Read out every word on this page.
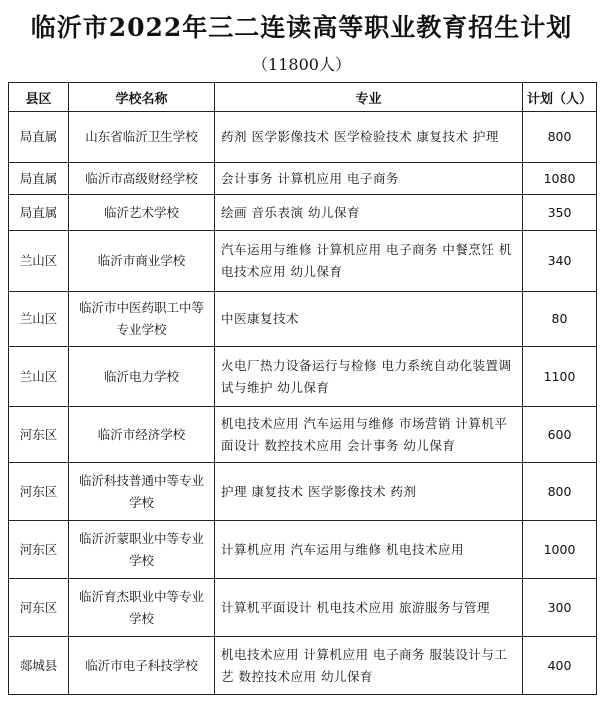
临沂市2022年三二连读高等职业教育招生计划
（11800人）
县区	学校名称	专业	计划（人）
局直属	山东省临沂卫生学校	药剂 医学影像技术 医学检验技术 康复技术 护理	800
局直属	临沂市高级财经学校	会计事务 计算机应用 电子商务	1080
局直属	临沂艺术学校	绘画 音乐表演 幼儿保育	350
兰山区	临沂市商业学校	汽车运用与维修 计算机应用 电子商务 中餐烹饪 机电技术应用 幼儿保育	340
兰山区	临沂市中医药职工中等专业学校	中医康复技术	80
兰山区	临沂电力学校	火电厂热力设备运行与检修 电力系统自动化装置调试与维护 幼儿保育	1100
河东区	临沂市经济学校	机电技术应用 汽车运用与维修 市场营销 计算机平面设计 数控技术应用 会计事务 幼儿保育	600
河东区	临沂科技普通中等专业学校	护理 康复技术 医学影像技术 药剂	800
河东区	临沂沂蒙职业中等专业学校	计算机应用 汽车运用与维修 机电技术应用	1000
河东区	临沂育杰职业中等专业学校	计算机平面设计 机电技术应用 旅游服务与管理	300
郯城县	临沂市电子科技学校	机电技术应用 计算机应用 电子商务 服装设计与工艺 数控技术应用 幼儿保育	400
